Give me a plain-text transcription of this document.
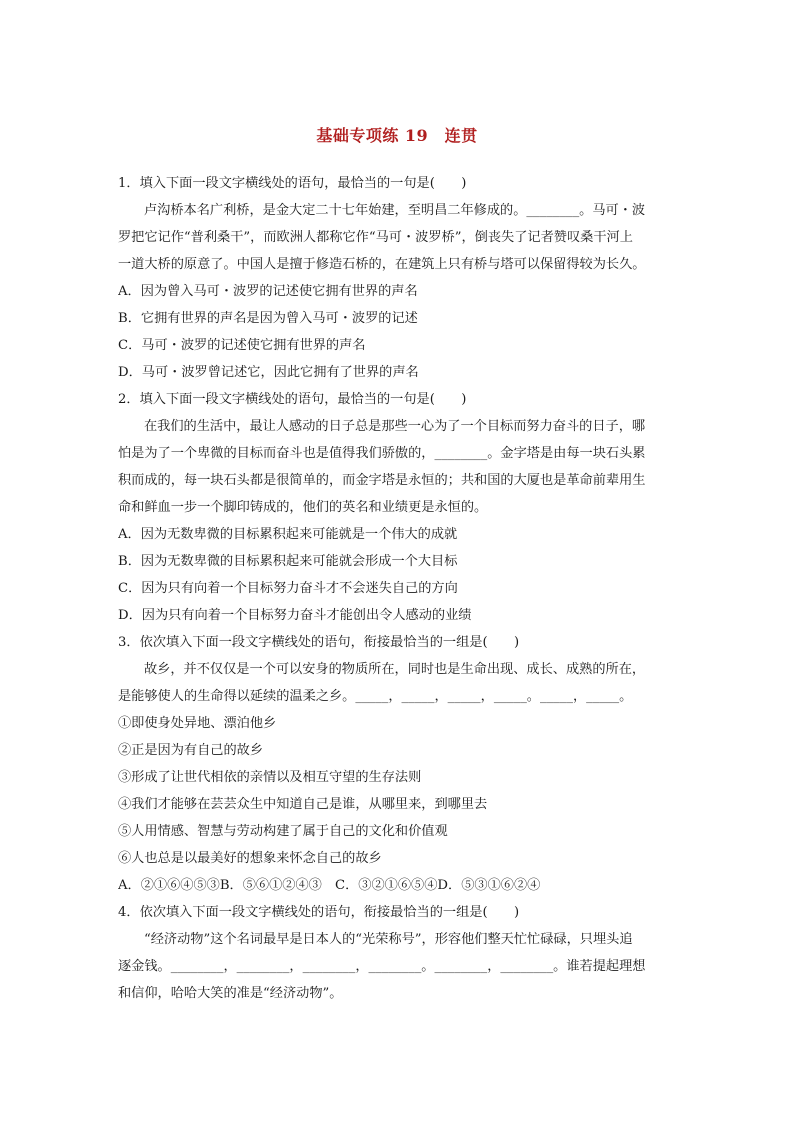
基础专项练 19　连贯
1．填入下面一段文字横线处的语句，最恰当的一句是(　　)
卢沟桥本名广利桥，是金大定二十七年始建，至明昌二年修成的。________。马可・波
罗把它记作“普利桑干”，而欧洲人都称它作“马可・波罗桥”，倒丧失了记者赞叹桑干河上
一道大桥的原意了。中国人是擅于修造石桥的，在建筑上只有桥与塔可以保留得较为长久。
A．因为曾入马可・波罗的记述使它拥有世界的声名
B．它拥有世界的声名是因为曾入马可・波罗的记述
C．马可・波罗的记述使它拥有世界的声名
D．马可・波罗曾记述它，因此它拥有了世界的声名
2．填入下面一段文字横线处的语句，最恰当的一句是(　　)
在我们的生活中，最让人感动的日子总是那些一心为了一个目标而努力奋斗的日子，哪
怕是为了一个卑微的目标而奋斗也是值得我们骄傲的，________。金字塔是由每一块石头累
积而成的，每一块石头都是很简单的，而金字塔是永恒的；共和国的大厦也是革命前辈用生
命和鲜血一步一个脚印铸成的，他们的英名和业绩更是永恒的。
A．因为无数卑微的目标累积起来可能就是一个伟大的成就
B．因为无数卑微的目标累积起来可能就会形成一个大目标
C．因为只有向着一个目标努力奋斗才不会迷失自己的方向
D．因为只有向着一个目标努力奋斗才能创出令人感动的业绩
3．依次填入下面一段文字横线处的语句，衔接最恰当的一组是(　　)
故乡，并不仅仅是一个可以安身的物质所在，同时也是生命出现、成长、成熟的所在，
是能够使人的生命得以延续的温柔之乡。_____，_____，_____，_____。_____，_____。
①即使身处异地、漂泊他乡
②正是因为有自己的故乡
③形成了让世代相依的亲情以及相互守望的生存法则
④我们才能够在芸芸众生中知道自己是谁，从哪里来，到哪里去
⑤人用情感、智慧与劳动构建了属于自己的文化和价值观
⑥人也总是以最美好的想象来怀念自己的故乡
A．②①⑥④⑤③B．⑤⑥①②④③　C．③②①⑥⑤④D．⑤③①⑥②④
4．依次填入下面一段文字横线处的语句，衔接最恰当的一组是(　　)
“经济动物”这个名词最早是日本人的“光荣称号”，形容他们整天忙忙碌碌，只埋头追
逐金钱。________，________，________，________。________，________。谁若提起理想
和信仰，哈哈大笑的准是“经济动物”。
